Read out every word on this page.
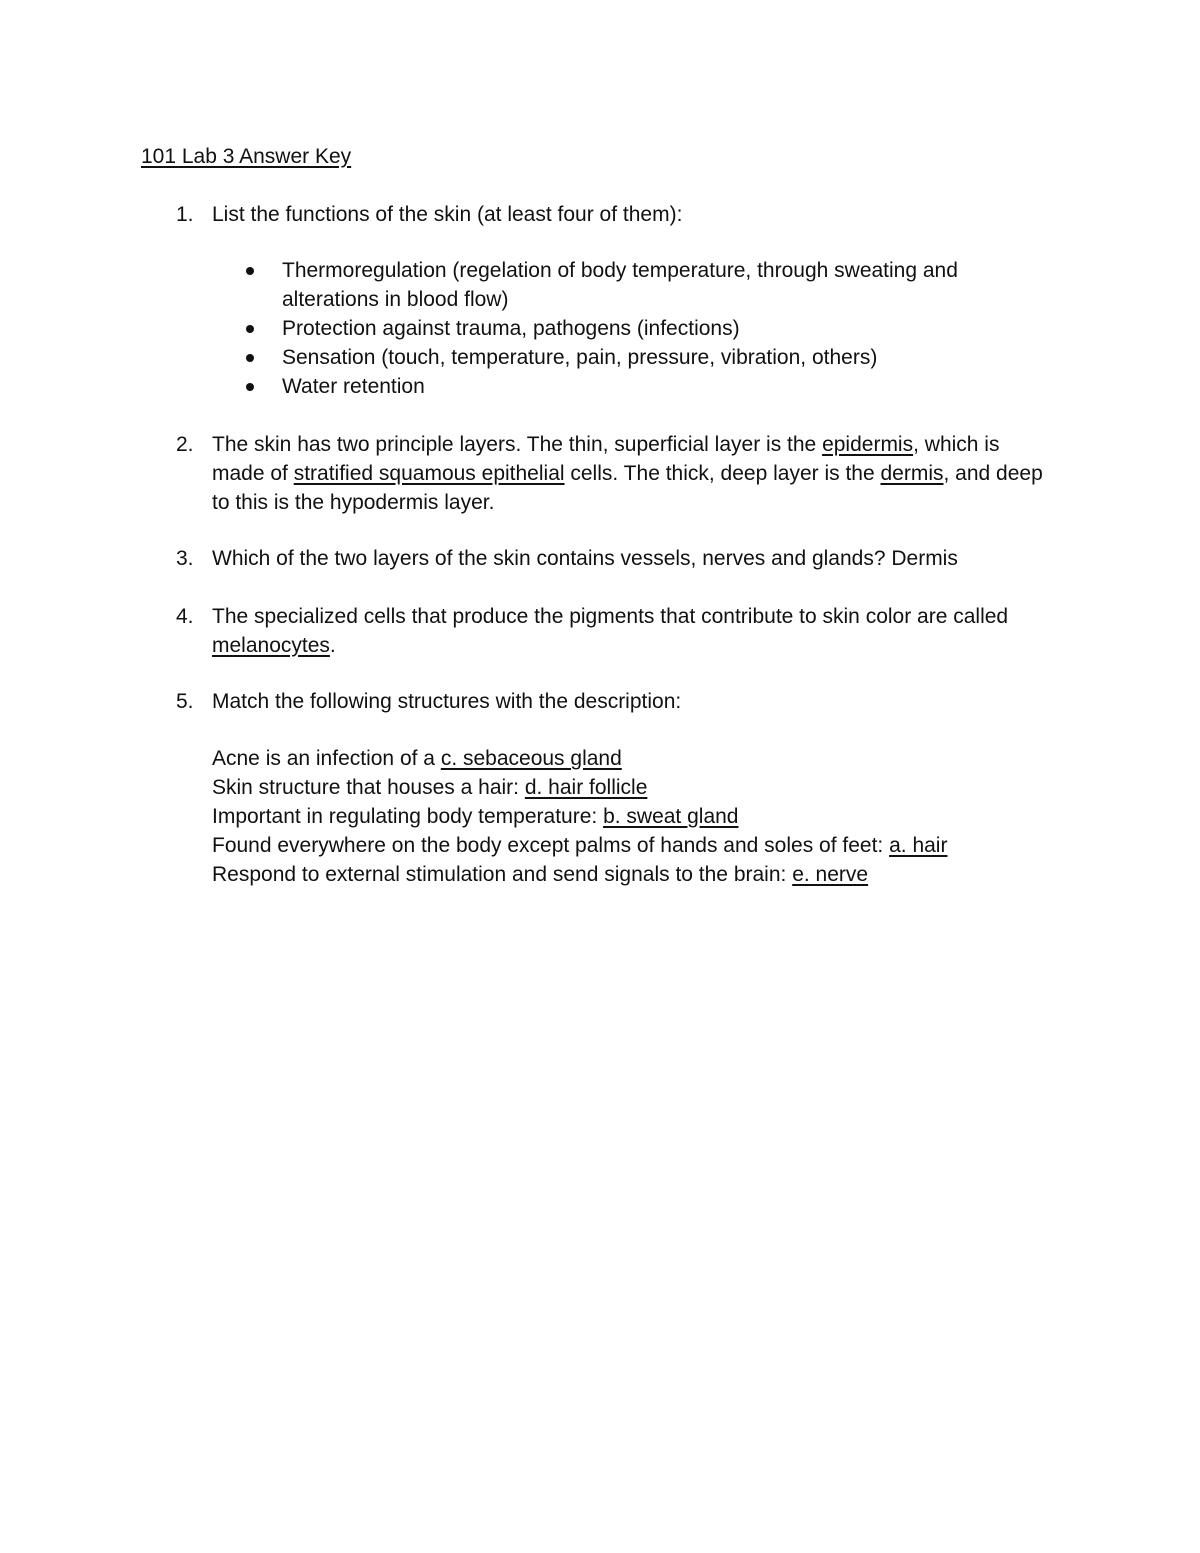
101 Lab 3 Answer Key
1. List the functions of the skin (at least four of them):
Thermoregulation (regelation of body temperature, through sweating and alterations in blood flow)
Protection against trauma, pathogens (infections)
Sensation (touch, temperature, pain, pressure, vibration, others)
Water retention
2. The skin has two principle layers. The thin, superficial layer is the epidermis, which is made of stratified squamous epithelial cells. The thick, deep layer is the dermis, and deep to this is the hypodermis layer.
3. Which of the two layers of the skin contains vessels, nerves and glands? Dermis
4. The specialized cells that produce the pigments that contribute to skin color are called melanocytes.
5. Match the following structures with the description:
Acne is an infection of a c. sebaceous gland
Skin structure that houses a hair: d. hair follicle
Important in regulating body temperature: b. sweat gland
Found everywhere on the body except palms of hands and soles of feet: a. hair
Respond to external stimulation and send signals to the brain: e. nerve
